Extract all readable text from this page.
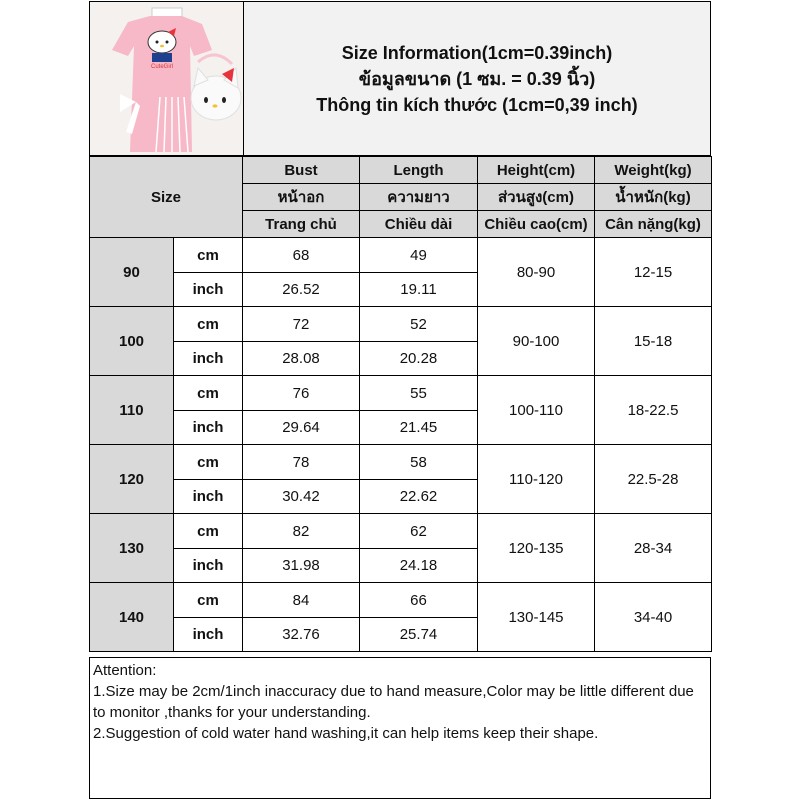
CuteGirl
Size Information(1cm=0.39inch)
ข้อมูลขนาด (1 ซม. = 0.39 นิ้ว)
Thông tin kích thước (1cm=0,39 inch)
Size		Bust	Length	Height(cm)	Weight(kg)
		หน้าอก	ความยาว	ส่วนสูง(cm)	น้ำหนัก(kg)
		Trang chủ	Chiều dài	Chiều cao(cm)	Cân nặng(kg)
90	cm	68	49	80-90	12-15
	inch	26.52	19.11		
100	cm	72	52	90-100	15-18
	inch	28.08	20.28		
110	cm	76	55	100-110	18-22.5
	inch	29.64	21.45		
120	cm	78	58	110-120	22.5-28
	inch	30.42	22.62		
130	cm	82	62	120-135	28-34
	inch	31.98	24.18		
140	cm	84	66	130-145	34-40
	inch	32.76	25.74		
Attention:
1.Size may be 2cm/1inch inaccuracy due to hand measure,Color may be little different due to monitor ,thanks for your understanding.
2.Suggestion of cold water hand washing,it can help items keep their shape.
